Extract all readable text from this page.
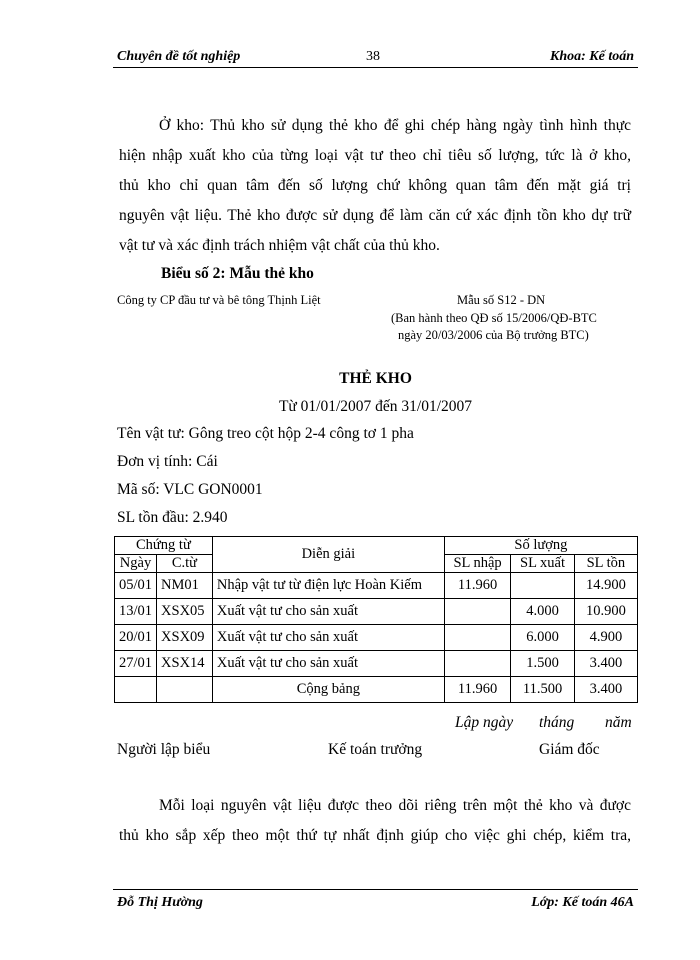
Chuyên đề tốt nghiệp	38	Khoa: Kế toán
Ở kho: Thủ kho sử dụng thẻ kho để ghi chép hàng ngày tình hình thực
hiện nhập xuất kho của từng loại vật tư theo chỉ tiêu số lượng, tức là ở kho,
thủ kho chỉ quan tâm đến số lượng chứ không quan tâm đến mặt giá trị
nguyên vật liệu. Thẻ kho được sử dụng để làm căn cứ xác định tồn kho dự trữ
vật tư và xác định trách nhiệm vật chất của thủ kho.
Biểu số 2: Mẫu thẻ kho
Công ty CP đầu tư và bê tông Thịnh Liệt	Mẫu số S12 - DN
(Ban hành theo QĐ số 15/2006/QĐ-BTC
ngày 20/03/2006 của Bộ trưởng BTC)
THẺ KHO
Từ 01/01/2007 đến 31/01/2007
Tên vật tư: Gông treo cột hộp 2-4 công tơ 1 pha
Đơn vị tính: Cái
Mã số: VLC GON0001
SL tồn đầu: 2.940
Chứng từ		Diễn giải	Số lượng		
Ngày	C.từ		SL nhập	SL xuất	SL tồn
05/01	NM01	Nhập vật tư từ điện lực Hoàn Kiếm	11.960		14.900
13/01	XSX05	Xuất vật tư cho sản xuất		4.000	10.900
20/01	XSX09	Xuất vật tư cho sản xuất		6.000	4.900
27/01	XSX14	Xuất vật tư cho sản xuất		1.500	3.400
		Cộng bảng	11.960	11.500	3.400
Lập ngày tháng năm
Người lập biểu	Kế toán trưởng	Giám đốc
Mỗi loại nguyên vật liệu được theo dõi riêng trên một thẻ kho và được
thủ kho sắp xếp theo một thứ tự nhất định giúp cho việc ghi chép, kiểm tra,
Đỗ Thị Hường	Lớp: Kế toán 46A
